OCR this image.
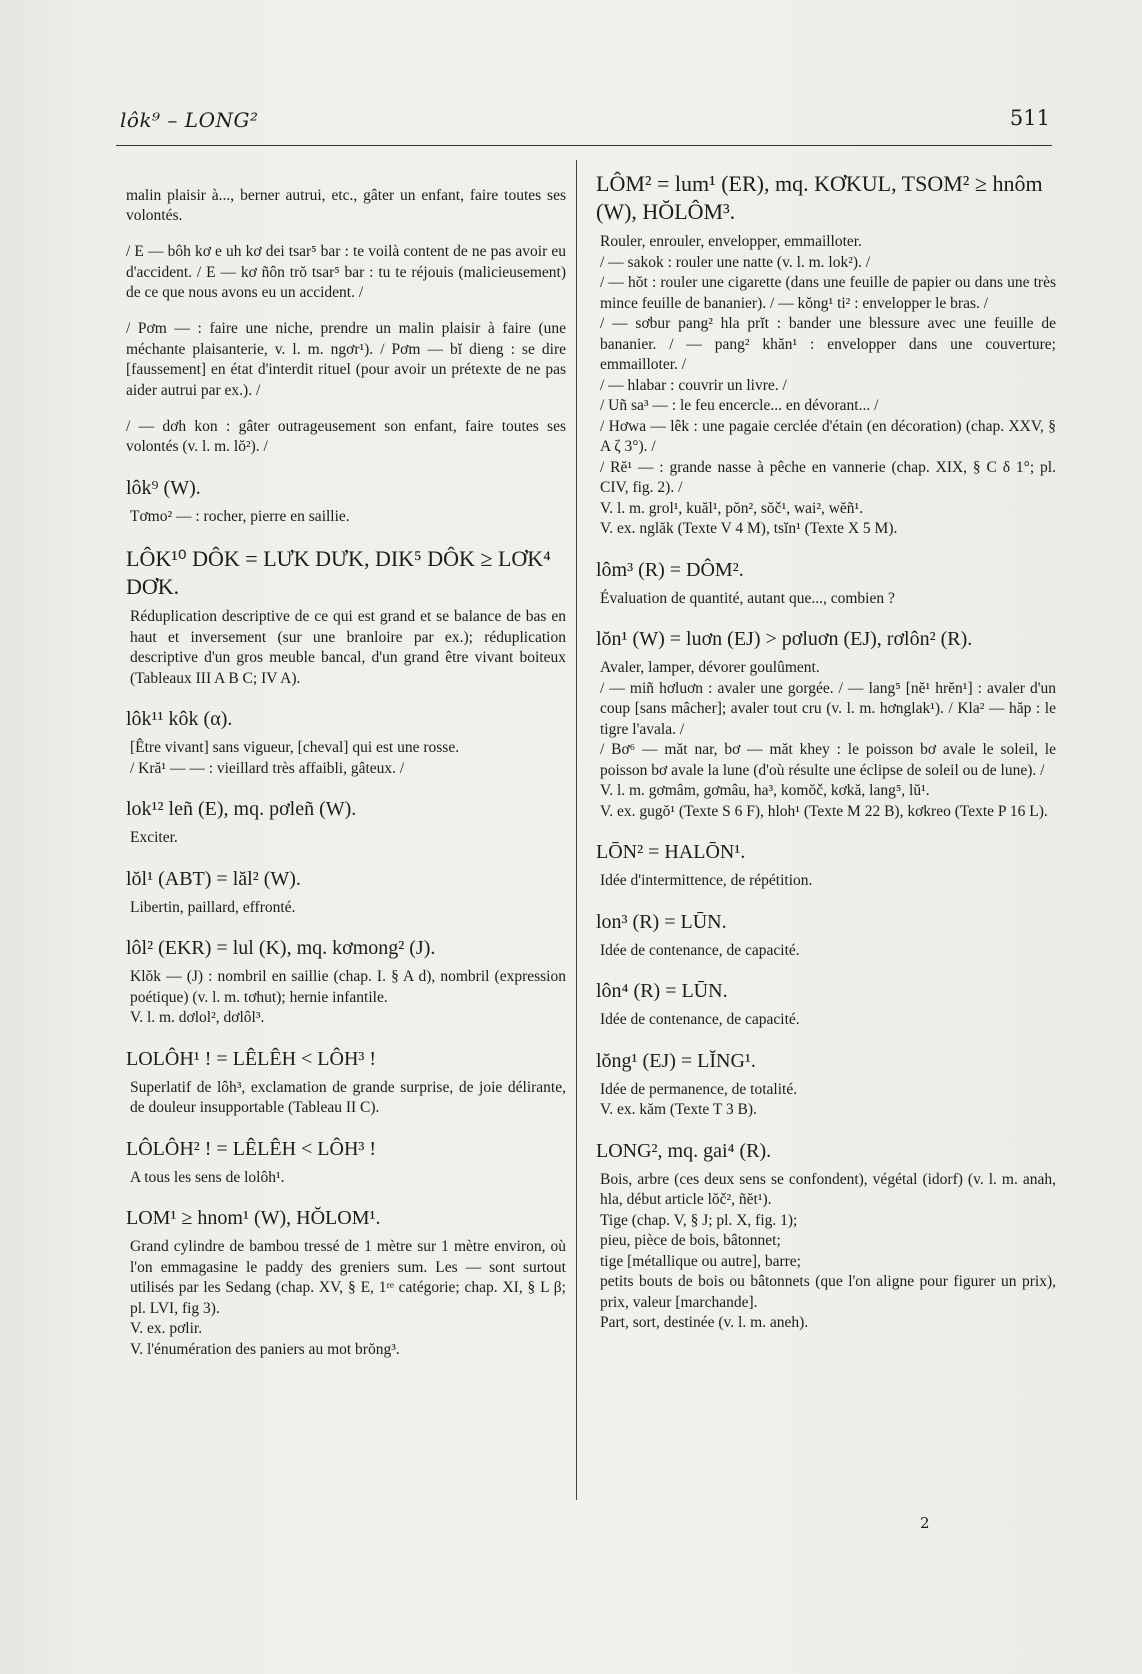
lôk⁹ – LONG²	511

malin plaisir à..., berner autrui, etc., gâter un enfant, faire toutes ses volontés.

/ E — bôh kơ e uh kơ dei tsar⁵ bar : te voilà content de ne pas avoir eu d'accident. / E — kơ ñôn trŏ tsar⁵ bar : tu te réjouis (malicieusement) de ce que nous avons eu un accident. /

/ Pơm — : faire une niche, prendre un malin plaisir à faire (une méchante plaisanterie, v. l. m. ngơr¹). / Pơm — bĭ dieng : se dire [faussement] en état d'interdit rituel (pour avoir un prétexte de ne pas aider autrui par ex.). /

/ — dơh kon : gâter outrageusement son enfant, faire toutes ses volontés (v. l. m. lŏ²). /

lôk⁹ (W).

Tơmo² — : rocher, pierre en saillie.

LÔK¹⁰ DÔK = LƯK DƯK, DIK⁵ DÔK ≥ LƠK⁴ DƠK.

Réduplication descriptive de ce qui est grand et se balance de bas en haut et inversement (sur une branloire par ex.); réduplication descriptive d'un gros meuble bancal, d'un grand être vivant boiteux (Tableaux III A B C; IV A).

lôk¹¹ kôk (α).

[Être vivant] sans vigueur, [cheval] qui est une rosse.

/ Kră¹ — — : vieillard très affaibli, gâteux. /

lok¹² leñ (E), mq. pơleñ (W).

Exciter.

lŏl¹ (ABT) = lăl² (W).

Libertin, paillard, effronté.

lôl² (EKR) = lul (K), mq. kơmong² (J).

Klŏk — (J) : nombril en saillie (chap. I. § A d), nombril (expression poétique) (v. l. m. tơhut); hernie infantile.

V. l. m. dơlol², dơlôl³.

LOLÔH¹ ! = LÊLÊH < LÔH³ !

Superlatif de lôh³, exclamation de grande surprise, de joie délirante, de douleur insupportable (Tableau II C).

LÔLÔH² ! = LÊLÊH < LÔH³ !

A tous les sens de lolôh¹.

LOM¹ ≥ hnom¹ (W), HŎLOM¹.

Grand cylindre de bambou tressé de 1 mètre sur 1 mètre environ, où l'on emmagasine le paddy des greniers sum. Les — sont surtout utilisés par les Sedang (chap. XV, § E, 1ʳᵉ catégorie; chap. XI, § L β; pl. LVI, fig 3).

V. ex. pơlir.

V. l'énumération des paniers au mot brŏng³.

LÔM² = lum¹ (ER), mq. KƠKUL, TSOM² ≥ hnôm (W), HŎLÔM³.

Rouler, enrouler, envelopper, emmailloter.

/ — sakok : rouler une natte (v. l. m. lok²). /

/ — hŏt : rouler une cigarette (dans une feuille de papier ou dans une très mince feuille de bananier). / — kŏng¹ ti² : envelopper le bras. /

/ — sơbur pang² hla prĭt : bander une blessure avec une feuille de bananier. / — pang² khăn¹ : envelopper dans une couverture; emmailloter. /

/ — hlabar : couvrir un livre. /

/ Uñ sa³ — : le feu encercle... en dévorant... /

/ Hơwa — lêk : une pagaie cerclée d'étain (en décoration) (chap. XXV, § A ζ 3°). /

/ Rĕ¹ — : grande nasse à pêche en vannerie (chap. XIX, § C δ 1°; pl. CIV, fig. 2). /

V. l. m. grol¹, kuăl¹, pŏn², sŏč¹, wai², wĕñ¹.

V. ex. nglăk (Texte V 4 M), tsĭn¹ (Texte X 5 M).

lôm³ (R) = DÔM².

Évaluation de quantité, autant que..., combien ?

lŏn¹ (W) = luơn (EJ) > pơluơn (EJ), rơlôn² (R).

Avaler, lamper, dévorer goulûment.

/ — miñ hơluơn : avaler une gorgée. / — lang⁵ [nĕ¹ hrĕn¹] : avaler d'un coup [sans mâcher]; avaler tout cru (v. l. m. hơnglak¹). / Kla² — hăp : le tigre l'avala. /

/ Bơ⁶ — măt nar, bơ — măt khey : le poisson bơ avale le soleil, le poisson bơ avale la lune (d'où résulte une éclipse de soleil ou de lune). /

V. l. m. gơmâm, gơmâu, ha³, komŏč, kơkă, lang⁵, lŭ¹.

V. ex. gugŏ¹ (Texte S 6 F), hloh¹ (Texte M 22 B), kơkreo (Texte P 16 L).

LŌN² = HALŌN¹.

Idée d'intermittence, de répétition.

lon³ (R) = LŪN.

Idée de contenance, de capacité.

lôn⁴ (R) = LŪN.

Idée de contenance, de capacité.

lŏng¹ (EJ) = LĬNG¹.

Idée de permanence, de totalité.

V. ex. kăm (Texte T 3 B).

LONG², mq. gai⁴ (R).

Bois, arbre (ces deux sens se confondent), végétal (idorf) (v. l. m. anah, hla, début article lŏč², ñĕt¹).

Tige (chap. V, § J; pl. X, fig. 1);

pieu, pièce de bois, bâtonnet;

tige [métallique ou autre], barre;

petits bouts de bois ou bâtonnets (que l'on aligne pour figurer un prix), prix, valeur [marchande].

Part, sort, destinée (v. l. m. aneh).

2
